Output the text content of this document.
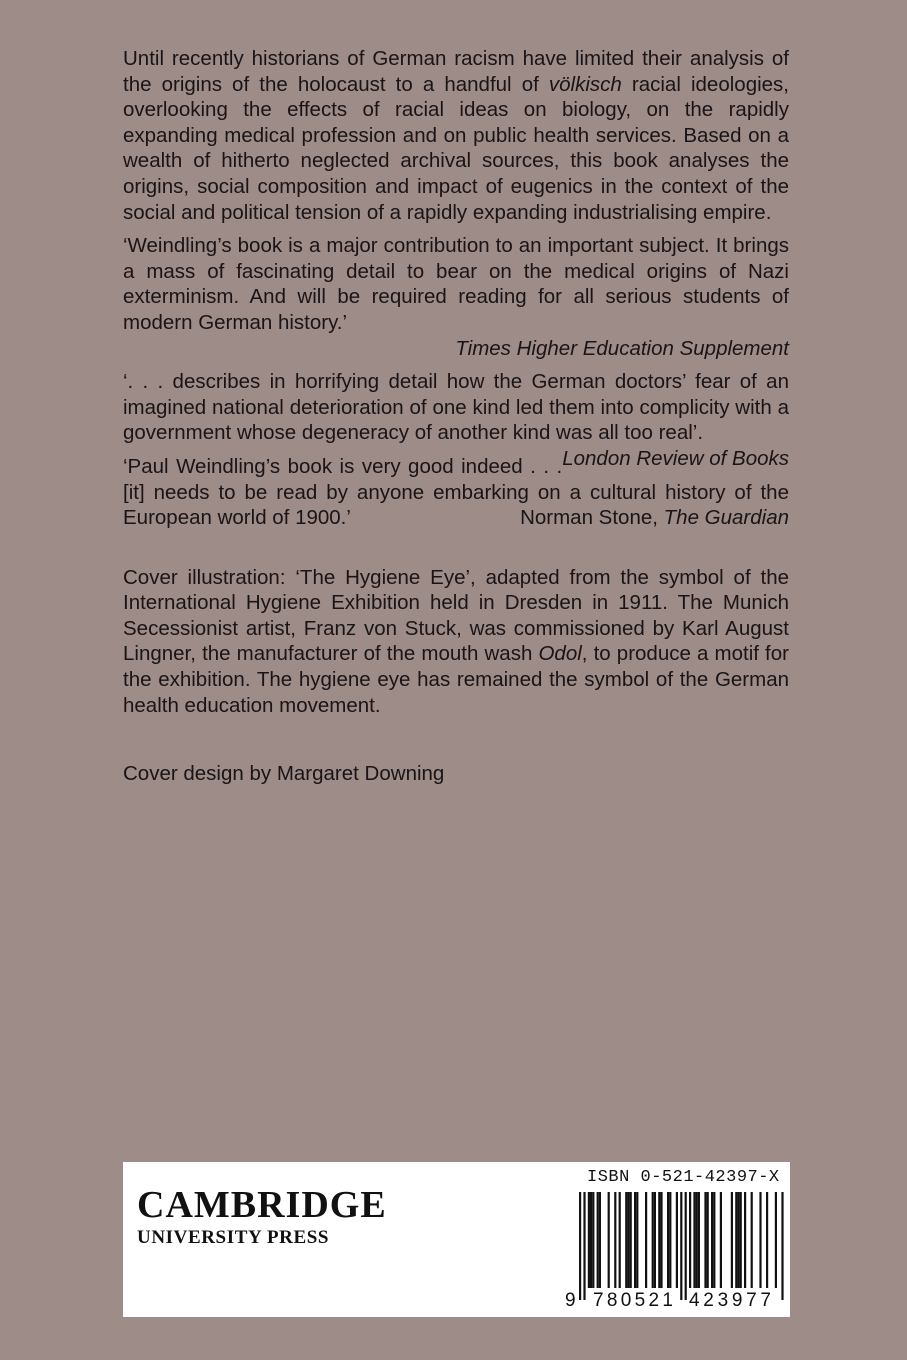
Until recently historians of German racism have limited their analysis of the origins of the holocaust to a handful of völkisch racial ideologies, overlooking the effects of racial ideas on biology, on the rapidly expanding medical profession and on public health services. Based on a wealth of hitherto neglected archival sources, this book analyses the origins, social composition and impact of eugenics in the context of the social and political tension of a rapidly expanding industrialising empire.

‘Weindling’s book is a major contribution to an important subject. It brings a mass of fascinating detail to bear on the medical origins of Nazi exterminism. And will be required reading for all serious students of modern German history.’

Times Higher Education Supplement

‘. . . describes in horrifying detail how the German doctors’ fear of an imagined national deterioration of one kind led them into complicity with a government whose degeneracy of another kind was all too real’.
London Review of Books

‘Paul Weindling’s book is very good indeed . . . [it] needs to be read by anyone embarking on a cultural history of the European world of 1900.’	Norman Stone, The Guardian

Cover illustration: ‘The Hygiene Eye’, adapted from the symbol of the International Hygiene Exhibition held in Dresden in 1911. The Munich Secessionist artist, Franz von Stuck, was commissioned by Karl August Lingner, the manufacturer of the mouth wash Odol, to produce a motif for the exhibition. The hygiene eye has remained the symbol of the German health education movement.

Cover design by Margaret Downing

CAMBRIDGE
UNIVERSITY PRESS
ISBN 0-521-42397-X
9 780521 423977
